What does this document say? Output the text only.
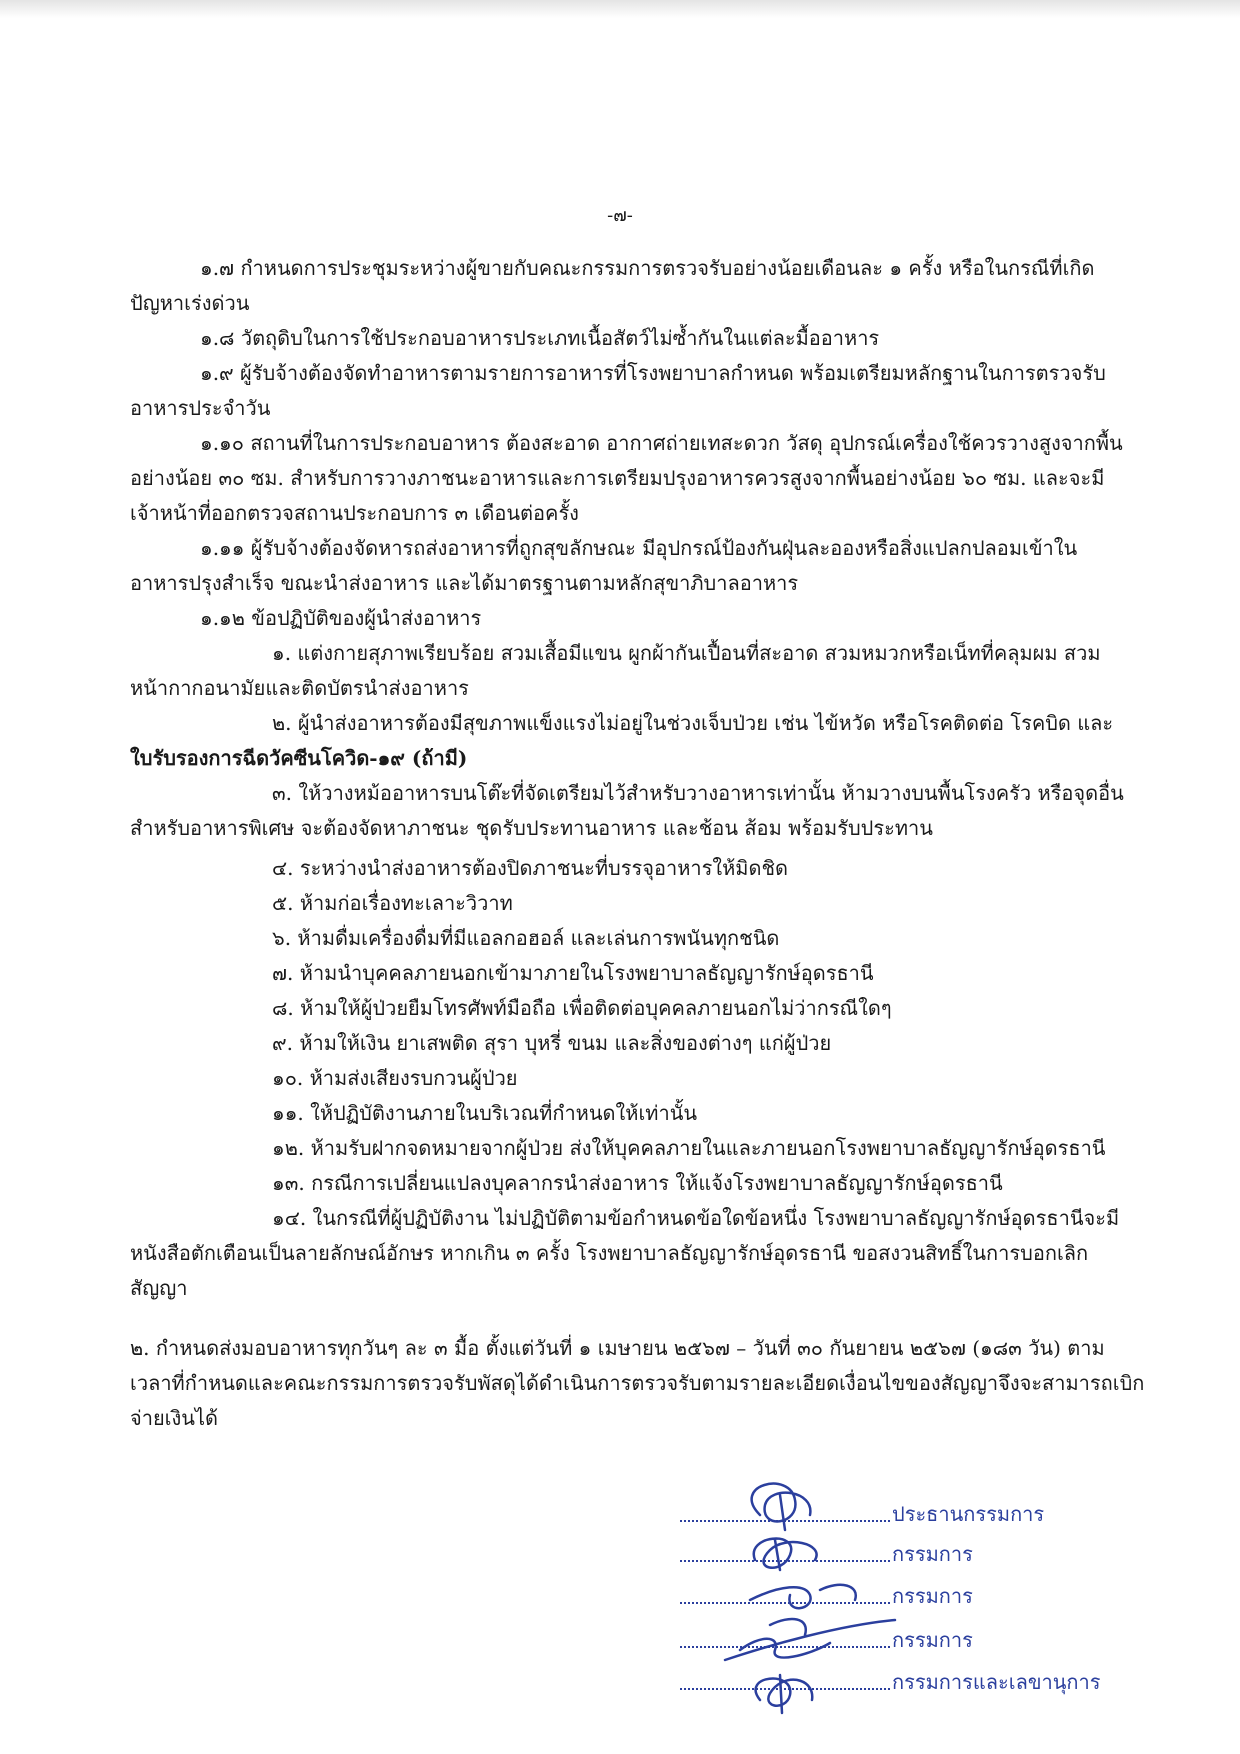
-๗-
๑.๗ กำหนดการประชุมระหว่างผู้ขายกับคณะกรรมการตรวจรับอย่างน้อยเดือนละ ๑ ครั้ง หรือในกรณีที่เกิด
ปัญหาเร่งด่วน
๑.๘ วัตถุดิบในการใช้ประกอบอาหารประเภทเนื้อสัตว์ไม่ซ้ำกันในแต่ละมื้ออาหาร
๑.๙ ผู้รับจ้างต้องจัดทำอาหารตามรายการอาหารที่โรงพยาบาลกำหนด พร้อมเตรียมหลักฐานในการตรวจรับ
อาหารประจำวัน
๑.๑๐ สถานที่ในการประกอบอาหาร ต้องสะอาด อากาศถ่ายเทสะดวก วัสดุ อุปกรณ์เครื่องใช้ควรวางสูงจากพื้น
อย่างน้อย ๓๐ ซม. สำหรับการวางภาชนะอาหารและการเตรียมปรุงอาหารควรสูงจากพื้นอย่างน้อย ๖๐ ซม. และจะมี
เจ้าหน้าที่ออกตรวจสถานประกอบการ ๓ เดือนต่อครั้ง
๑.๑๑ ผู้รับจ้างต้องจัดหารถส่งอาหารที่ถูกสุขลักษณะ มีอุปกรณ์ป้องกันฝุ่นละอองหรือสิ่งแปลกปลอมเข้าใน
อาหารปรุงสำเร็จ ขณะนำส่งอาหาร และได้มาตรฐานตามหลักสุขาภิบาลอาหาร
๑.๑๒ ข้อปฏิบัติของผู้นำส่งอาหาร
๑. แต่งกายสุภาพเรียบร้อย สวมเสื้อมีแขน ผูกผ้ากันเปื้อนที่สะอาด สวมหมวกหรือเน็ทที่คลุมผม สวม
หน้ากากอนามัยและติดบัตรนำส่งอาหาร
๒. ผู้นำส่งอาหารต้องมีสุขภาพแข็งแรงไม่อยู่ในช่วงเจ็บป่วย เช่น ไข้หวัด หรือโรคติดต่อ โรคบิด และ
ใบรับรองการฉีดวัคซีนโควิด-๑๙ (ถ้ามี)
๓. ให้วางหม้ออาหารบนโต๊ะที่จัดเตรียมไว้สำหรับวางอาหารเท่านั้น ห้ามวางบนพื้นโรงครัว หรือจุดอื่น
สำหรับอาหารพิเศษ จะต้องจัดหาภาชนะ ชุดรับประทานอาหาร และช้อน ส้อม พร้อมรับประทาน
๔. ระหว่างนำส่งอาหารต้องปิดภาชนะที่บรรจุอาหารให้มิดชิด
๕. ห้ามก่อเรื่องทะเลาะวิวาท
๖. ห้ามดื่มเครื่องดื่มที่มีแอลกอฮอล์ และเล่นการพนันทุกชนิด
๗. ห้ามนำบุคคลภายนอกเข้ามาภายในโรงพยาบาลธัญญารักษ์อุดรธานี
๘. ห้ามให้ผู้ป่วยยืมโทรศัพท์มือถือ เพื่อติดต่อบุคคลภายนอกไม่ว่ากรณีใดๆ
๙. ห้ามให้เงิน ยาเสพติด สุรา บุหรี่ ขนม และสิ่งของต่างๆ แก่ผู้ป่วย
๑๐. ห้ามส่งเสียงรบกวนผู้ป่วย
๑๑. ให้ปฏิบัติงานภายในบริเวณที่กำหนดให้เท่านั้น
๑๒. ห้ามรับฝากจดหมายจากผู้ป่วย ส่งให้บุคคลภายในและภายนอกโรงพยาบาลธัญญารักษ์อุดรธานี
๑๓. กรณีการเปลี่ยนแปลงบุคลากรนำส่งอาหาร ให้แจ้งโรงพยาบาลธัญญารักษ์อุดรธานี
๑๔. ในกรณีที่ผู้ปฏิบัติงาน ไม่ปฏิบัติตามข้อกำหนดข้อใดข้อหนึ่ง โรงพยาบาลธัญญารักษ์อุดรธานีจะมี
หนังสือตักเตือนเป็นลายลักษณ์อักษร หากเกิน ๓ ครั้ง โรงพยาบาลธัญญารักษ์อุดรธานี ขอสงวนสิทธิ์ในการบอกเลิก
สัญญา
๒. กำหนดส่งมอบอาหารทุกวันๆ ละ ๓ มื้อ ตั้งแต่วันที่ ๑ เมษายน ๒๕๖๗ – วันที่ ๓๐ กันยายน ๒๕๖๗ (๑๘๓ วัน) ตาม
เวลาที่กำหนดและคณะกรรมการตรวจรับพัสดุได้ดำเนินการตรวจรับตามรายละเอียดเงื่อนไขของสัญญาจึงจะสามารถเบิก
จ่ายเงินได้
ประธานกรรมการ
กรรมการ
กรรมการ
กรรมการ
กรรมการและเลขานุการ
